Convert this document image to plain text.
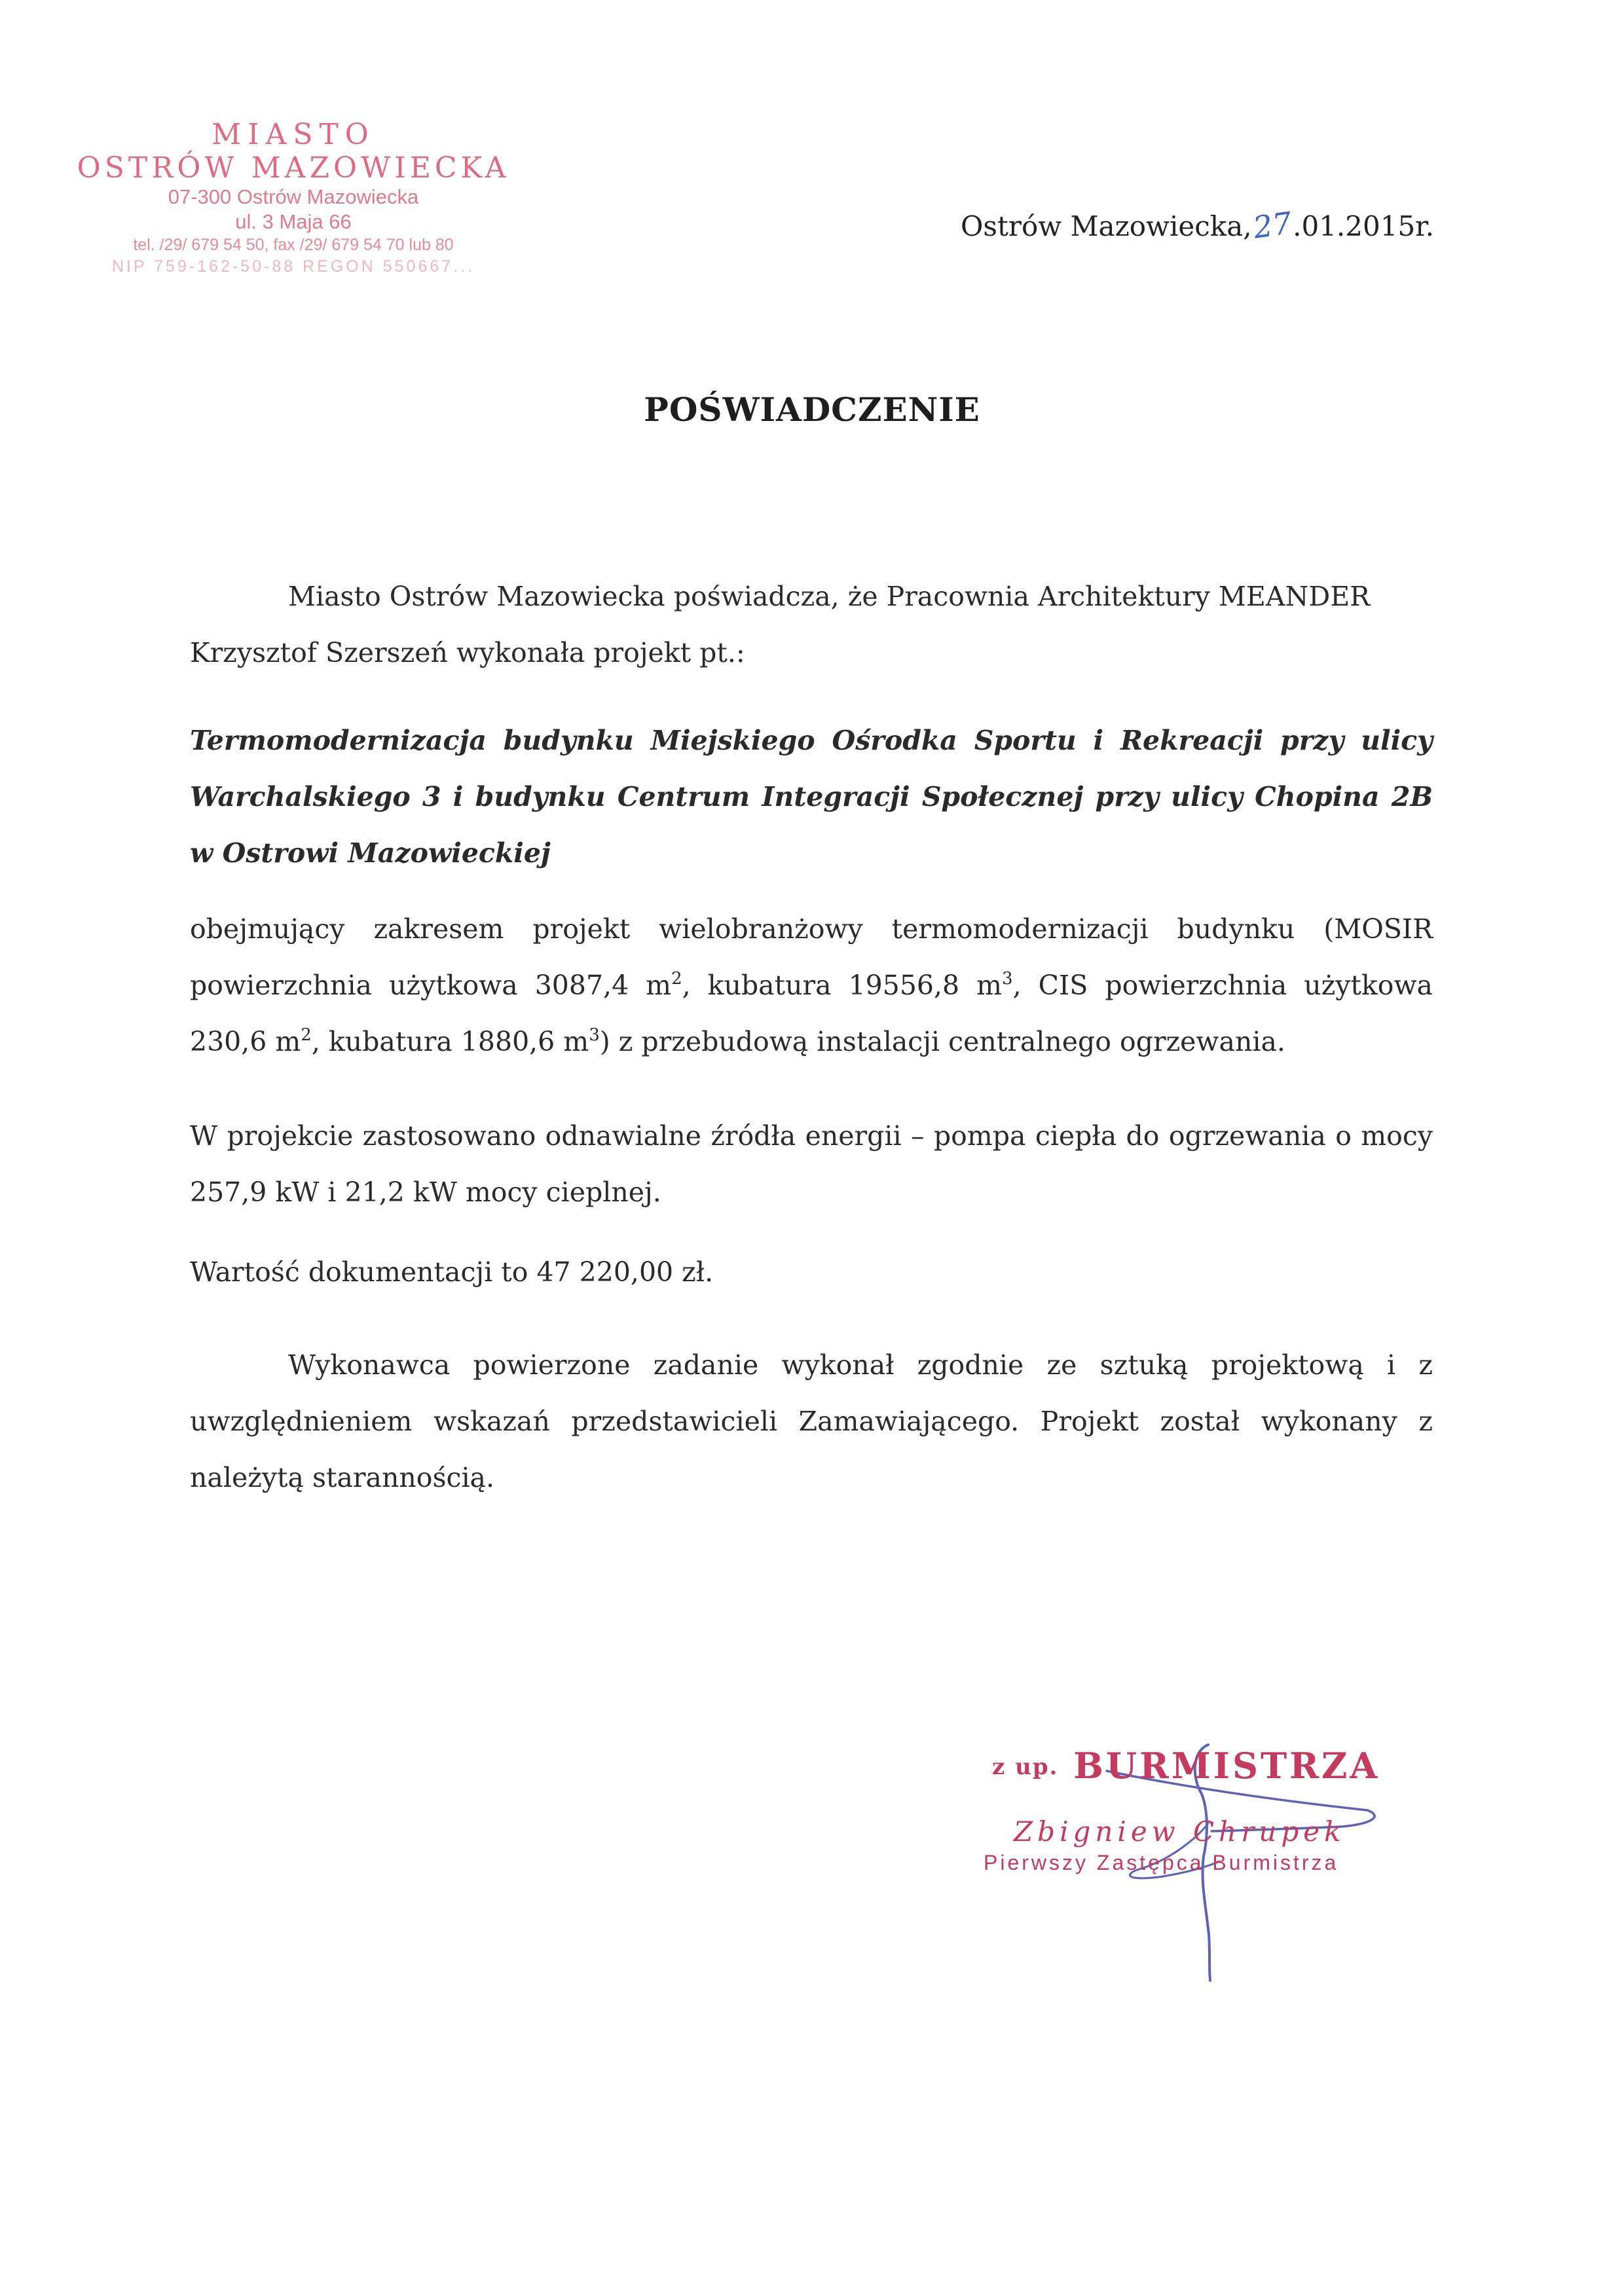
MIASTO
OSTRÓW MAZOWIECKA
07-300 Ostrów Mazowiecka
ul. 3 Maja 66
tel. /29/ 679 54 50, fax /29/ 679 54 70 lub 80
NIP 759-162-50-88 REGON 550667...
Ostrów Mazowiecka,27.01.2015r.
POŚWIADCZENIE
Miasto Ostrów Mazowiecka poświadcza, że Pracownia Architektury MEANDER
Krzysztof Szerszeń wykonała projekt pt.:
Termomodernizacja budynku Miejskiego Ośrodka Sportu i Rekreacji przy ulicy Warchalskiego 3 i budynku Centrum Integracji Społecznej przy ulicy Chopina 2B w Ostrowi Mazowieckiej
obejmujący zakresem projekt wielobranżowy termomodernizacji budynku (MOSIR powierzchnia użytkowa 3087,4 $m^2$, kubatura 19556,8 $m^3$, CIS powierzchnia użytkowa 230,6 $m^2$, kubatura 1880,6 $m^3$) z przebudową instalacji centralnego ogrzewania.
W projekcie zastosowano odnawialne źródła energii – pompa ciepła do ogrzewania o mocy 257,9 kW i 21,2 kW mocy cieplnej.
Wartość dokumentacji to 47 220,00 zł.
Wykonawca powierzone zadanie wykonał zgodnie ze sztuką projektową i z uwzględnieniem wskazań przedstawicieli Zamawiającego. Projekt został wykonany z należytą starannością.
z up. BURMISTRZA
Zbigniew Chrupek
Pierwszy Zastępca Burmistrza
